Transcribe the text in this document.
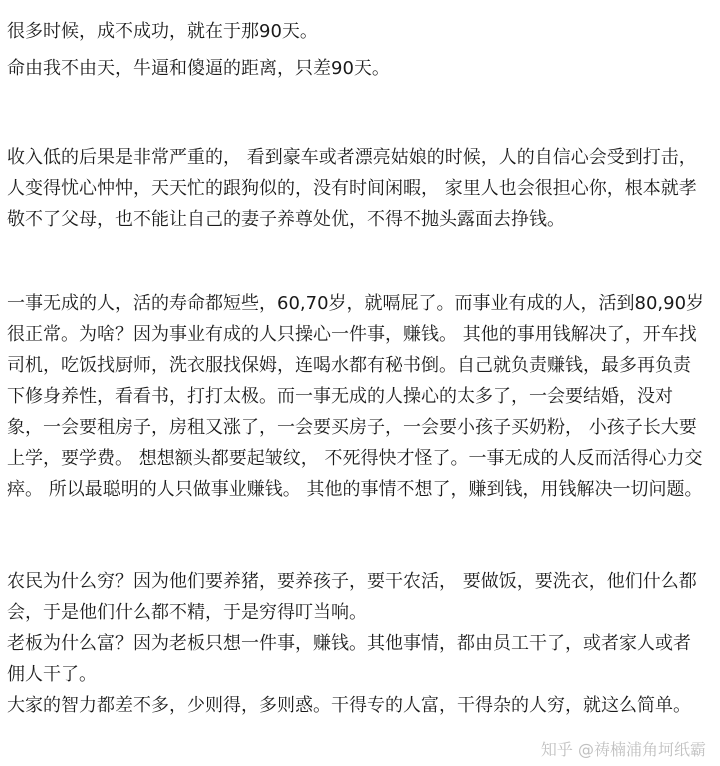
很多时候，成不成功，就在于那90天。
命由我不由天，牛逼和傻逼的距离，只差90天。
收入低的后果是非常严重的， 看到豪车或者漂亮姑娘的时候，人的自信心会受到打击，
人变得忧心忡忡，天天忙的跟狗似的，没有时间闲暇， 家里人也会很担心你，根本就孝
敬不了父母，也不能让自己的妻子养尊处优，不得不抛头露面去挣钱。
一事无成的人，活的寿命都短些，60,70岁，就嗝屁了。而事业有成的人，活到80,90岁
很正常。为啥？因为事业有成的人只操心一件事，赚钱。 其他的事用钱解决了，开车找
司机，吃饭找厨师，洗衣服找保姆，连喝水都有秘书倒。自己就负责赚钱，最多再负责
下修身养性，看看书，打打太极。而一事无成的人操心的太多了，一会要结婚，没对
象，一会要租房子，房租又涨了，一会要买房子，一会要小孩子买奶粉， 小孩子长大要
上学，要学费。 想想额头都要起皱纹， 不死得快才怪了。一事无成的人反而活得心力交
瘁。 所以最聪明的人只做事业赚钱。 其他的事情不想了，赚到钱，用钱解决一切问题。
农民为什么穷？因为他们要养猪，要养孩子，要干农活， 要做饭，要洗衣，他们什么都
会，于是他们什么都不精，于是穷得叮当响。
老板为什么富？因为老板只想一件事，赚钱。其他事情，都由员工干了，或者家人或者
佣人干了。
大家的智力都差不多，少则得，多则惑。干得专的人富，干得杂的人穷，就这么简单。
知乎 @祷楠浦角坷纸霸
